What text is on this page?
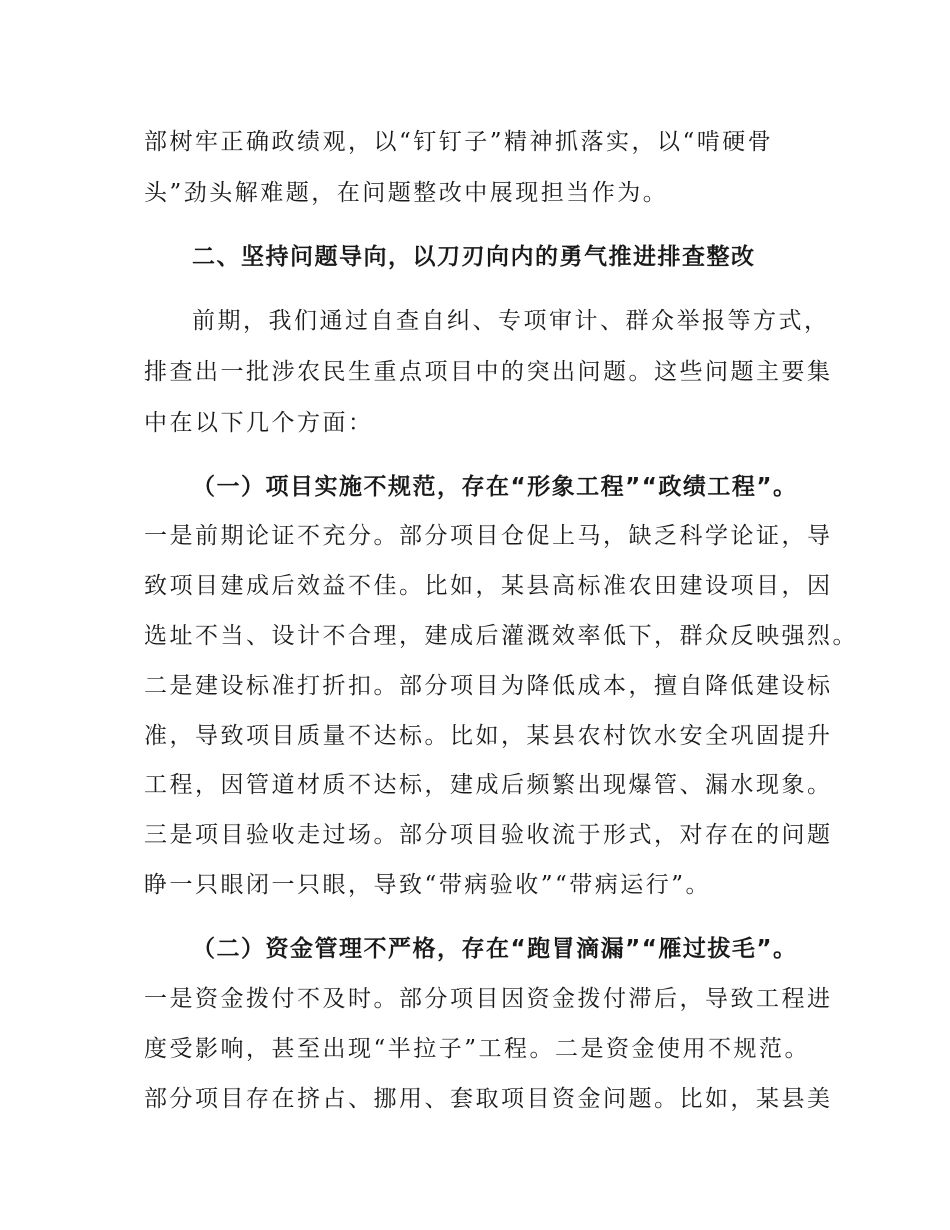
部树牢正确政绩观，以“钉钉子”精神抓落实，以“啃硬骨
头”劲头解难题，在问题整改中展现担当作为。
二、坚持问题导向，以刀刃向内的勇气推进排查整改
前期，我们通过自查自纠、专项审计、群众举报等方式，
排查出一批涉农民生重点项目中的突出问题。这些问题主要集
中在以下几个方面：
（一）项目实施不规范，存在“形象工程”“政绩工程”。
一是前期论证不充分。部分项目仓促上马，缺乏科学论证，导
致项目建成后效益不佳。比如，某县高标准农田建设项目，因
选址不当、设计不合理，建成后灌溉效率低下，群众反映强烈。
二是建设标准打折扣。部分项目为降低成本，擅自降低建设标
准，导致项目质量不达标。比如，某县农村饮水安全巩固提升
工程，因管道材质不达标，建成后频繁出现爆管、漏水现象。
三是项目验收走过场。部分项目验收流于形式，对存在的问题
睁一只眼闭一只眼，导致“带病验收”“带病运行”。
（二）资金管理不严格，存在“跑冒滴漏”“雁过拔毛”。
一是资金拨付不及时。部分项目因资金拨付滞后，导致工程进
度受影响，甚至出现“半拉子”工程。二是资金使用不规范。
部分项目存在挤占、挪用、套取项目资金问题。比如，某县美
